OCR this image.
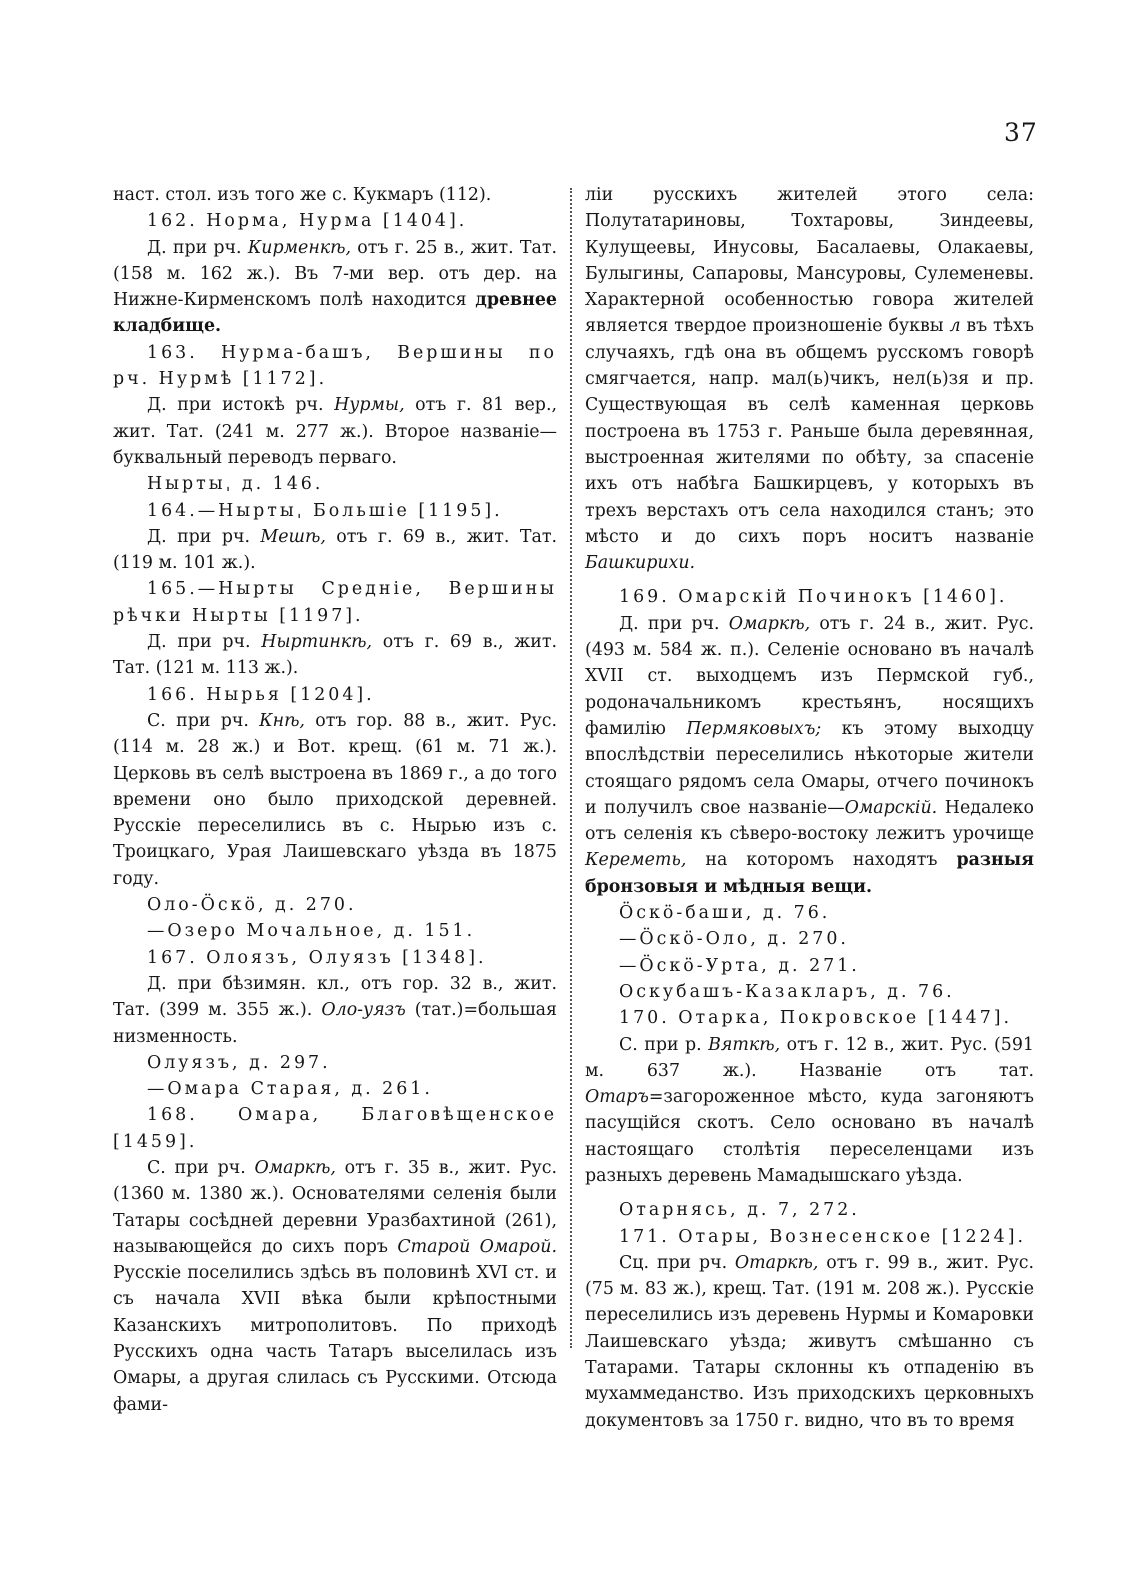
37

наст. стол. изъ того же с. Кукмаръ (112).

162. Норма, Нурма [1404].

Д. при рч. Кирменкѣ, отъ г. 25 в., жит. Тат. (158 м. 162 ж.). Въ 7-ми вер. отъ дер. на Нижне-Кирменскомъ полѣ находится древнее кладбище.

163. Нурма-башъ, Вершины по рч. Нурмѣ [1172].

Д. при истокѣ рч. Нурмы, отъ г. 81 вер., жит. Тат. (241 м. 277 ж.). Второе названіе—буквальный переводъ перваго.

Ныртыˌ д. 146.

164.—Ныртыˌ Большіе [1195].

Д. при рч. Мешѣ, отъ г. 69 в., жит. Тат. (119 м. 101 ж.).

165.—Нырты Средніе, Вершины рѣчки Нырты [1197].

Д. при рч. Ныртинкѣ, отъ г. 69 в., жит. Тат. (121 м. 113 ж.).

166. Нырья [1204].

С. при рч. Кнѣ, отъ гор. 88 в., жит. Рус. (114 м. 28 ж.) и Вот. крещ. (61 м. 71 ж.). Церковь въ селѣ выстроена въ 1869 г., а до того времени оно было приходской деревней. Русскіе переселились въ с. Нырью изъ с. Троицкаго, Урая Лаишевскаго уѣзда въ 1875 году.

Оло-Ӧскӧ, д. 270.

—Озеро Мочальное, д. 151.

167. Олоязъ, Олуязъ [1348].

Д. при бѣзимян. кл., отъ гор. 32 в., жит. Тат. (399 м. 355 ж.). Оло-уязъ (тат.)=большая низменность.

Олуязъ, д. 297.

—Омара Старая, д. 261.

168. Омара, Благовѣщенское [1459].

С. при рч. Омаркѣ, отъ г. 35 в., жит. Рус. (1360 м. 1380 ж.). Основателями селенія были Татары сосѣдней деревни Уразбахтиной (261), называющейся до сихъ поръ Старой Омарой. Русскіе поселились здѣсь въ половинѣ XVI ст. и съ начала XVII вѣка были крѣпостными Казанскихъ митрополитовъ. По приходѣ Русскихъ одна часть Татаръ выселилась изъ Омары, а другая слилась съ Русскими. Отсюда фами-

ліи русскихъ жителей этого села: Полутатариновы, Тохтаровы, Зиндеевы, Кулущеевы, Инусовы, Басалаевы, Олакаевы, Булыгины, Сапаровы, Мансуровы, Сулеменевы. Характерной особенностью говора жителей является твердое произношеніе буквы л въ тѣхъ случаяхъ, гдѣ она въ общемъ русскомъ говорѣ смягчается, напр. мал(ь)чикъ, нел(ь)зя и пр. Существующая въ селѣ каменная церковь построена въ 1753 г. Раньше была деревянная, выстроенная жителями по обѣту, за спасеніе ихъ отъ набѣга Башкирцевъ, у которыхъ въ трехъ верстахъ отъ села находился станъ; это мѣсто и до сихъ поръ носитъ названіе Башкирихи.

169. Омарскій Починокъ [1460].

Д. при рч. Омаркѣ, отъ г. 24 в., жит. Рус. (493 м. 584 ж. п.). Селеніе основано въ началѣ XVII ст. выходцемъ изъ Пермской губ., родоначальникомъ крестьянъ, носящихъ фамилію Пермяковыхъ; къ этому выходцу впослѣдствіи переселились нѣкоторые жители стоящаго рядомъ села Омары, отчего починокъ и получилъ свое названіе—Омарскій. Недалеко отъ селенія къ сѣверо-востоку лежитъ урочище Кереметь, на которомъ находятъ разныя бронзовыя и мѣдныя вещи.

Ӧскӧ-баши, д. 76.

—Ӧскӧ-Оло, д. 270.

—Ӧскӧ-Урта, д. 271.

Оскубашъ-Казакларъ, д. 76.

170. Отарка, Покровское [1447].

С. при р. Вяткѣ, отъ г. 12 в., жит. Рус. (591 м. 637 ж.). Названіе отъ тат. Отаръ=загороженное мѣсто, куда загоняютъ пасущійся скотъ. Село основано въ началѣ настоящаго столѣтія переселенцами изъ разныхъ деревень Мамадышскаго уѣзда.

Отарнясь, д. 7, 272.

171. Отары, Вознесенское [1224].

Сц. при рч. Отаркѣ, отъ г. 99 в., жит. Рус. (75 м. 83 ж.), крещ. Тат. (191 м. 208 ж.). Русскіе переселились изъ деревень Нурмы и Комаровки Лаишевскаго уѣзда; живутъ смѣшанно съ Татарами. Татары склонны къ отпаденію въ мухаммеданство. Изъ приходскихъ церковныхъ документовъ за 1750 г. видно, что въ то время
